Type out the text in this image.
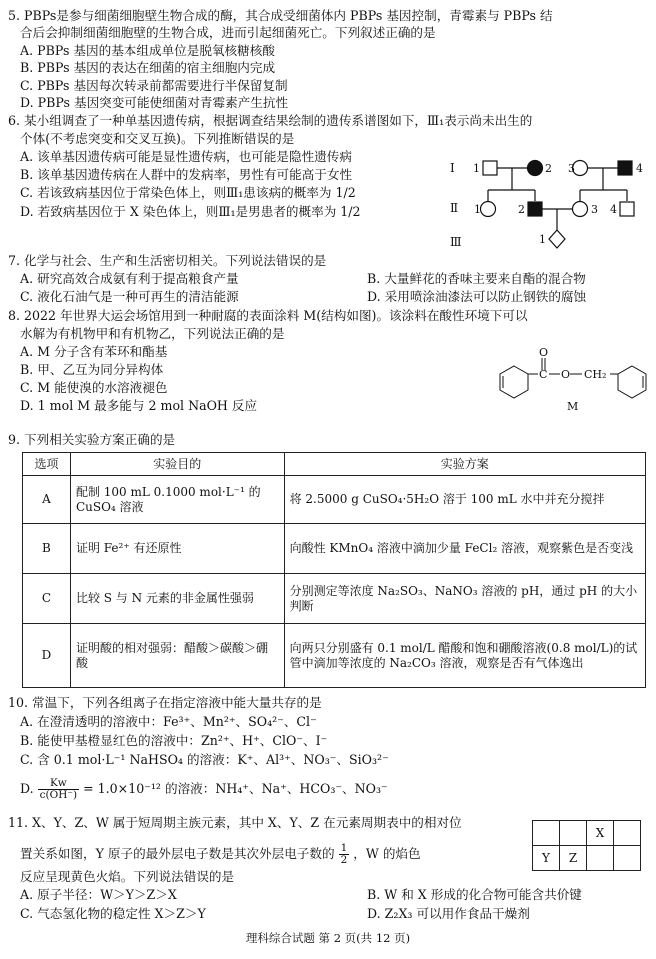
5. PBPs是参与细菌细胞壁生物合成的酶，其合成受细菌体内 PBPs 基因控制，青霉素与 PBPs 结
合后会抑制细菌细胞壁的生物合成，进而引起细菌死亡。下列叙述正确的是
A. PBPs 基因的基本组成单位是脱氧核糖核酸
B. PBPs 基因的表达在细菌的宿主细胞内完成
C. PBPs 基因每次转录前都需要进行半保留复制
D. PBPs 基因突变可能使细菌对青霉素产生抗性
6. 某小组调查了一种单基因遗传病，根据调查结果绘制的遗传系谱图如下，Ⅲ₁表示尚未出生的
个体(不考虑突变和交叉互换)。下列推断错误的是
A. 该单基因遗传病可能是显性遗传病，也可能是隐性遗传病
B. 该单基因遗传病在人群中的发病率，男性有可能高于女性
C. 若该致病基因位于常染色体上，则Ⅲ₁患该病的概率为 1/2
D. 若致病基因位于 X 染色体上，则Ⅲ₁是男患者的概率为 1/2
Ⅰ
Ⅱ
Ⅲ
1	2 3	4
1	2	3 4
1
7. 化学与社会、生产和生活密切相关。下列说法错误的是
A. 研究高效合成氨有利于提高粮食产量	B. 大量鲜花的香味主要来自酯的混合物
C. 液化石油气是一种可再生的清洁能源	D. 采用喷涂油漆法可以防止钢铁的腐蚀
8. 2022 年世界大运会场馆用到一种耐腐的表面涂料 M(结构如图)。该涂料在酸性环境下可以
水解为有机物甲和有机物乙，下列说法正确的是
A. M 分子含有苯环和酯基
B. 甲、乙互为同分异构体
C. M 能使溴的水溶液褪色
D. 1 mol M 最多能与 2 mol NaOH 反应
O
C O CH₂
M
9. 下列相关实验方案正确的是
选项	实验目的	实验方案
A	配制 100 mL 0.1000 mol·L⁻¹ 的 CuSO₄ 溶液	将 2.5000 g CuSO₄·5H₂O 溶于 100 mL 水中并充分搅拌
B	证明 Fe²⁺ 有还原性	向酸性 KMnO₄ 溶液中滴加少量 FeCl₂ 溶液，观察紫色是否变浅
C	比较 S 与 N 元素的非金属性强弱	分别测定等浓度 Na₂SO₃、NaNO₃ 溶液的 pH，通过 pH 的大小判断
D	证明酸的相对强弱：醋酸＞碳酸＞硼酸	向两只分别盛有 0.1 mol/L 醋酸和饱和硼酸溶液(0.8 mol/L)的试管中滴加等浓度的 Na₂CO₃ 溶液，观察是否有气体逸出
10. 常温下，下列各组离子在指定溶液中能大量共存的是
A. 在澄清透明的溶液中：Fe³⁺、Mn²⁺、SO₄²⁻、Cl⁻
B. 能使甲基橙显红色的溶液中：Zn²⁺、H⁺、ClO⁻、I⁻
C. 含 0.1 mol·L⁻¹ NaHSO₄ 的溶液：K⁺、Al³⁺、NO₃⁻、SiO₃²⁻
D. $\frac{Kw}{c(OH^-)} = 1.0\times 10^{-12}$ 的溶液：NH₄⁺、Na⁺、HCO₃⁻、NO₃⁻
11. X、Y、Z、W 属于短周期主族元素，其中 X、Y、Z 在元素周期表中的相对位
置关系如图，Y 原子的最外层电子数是其次外层电子数的 $\frac{1}{2}$ ，W 的焰色
反应呈现黄色火焰。下列说法错误的是
A. 原子半径：W＞Y＞Z＞X	B. W 和 X 形成的化合物可能含共价键
C. 气态氢化物的稳定性 X＞Z＞Y	D. Z₂X₃ 可以用作食品干燥剂
		X	
Y	Z		
理科综合试题 第 2 页(共 12 页)
